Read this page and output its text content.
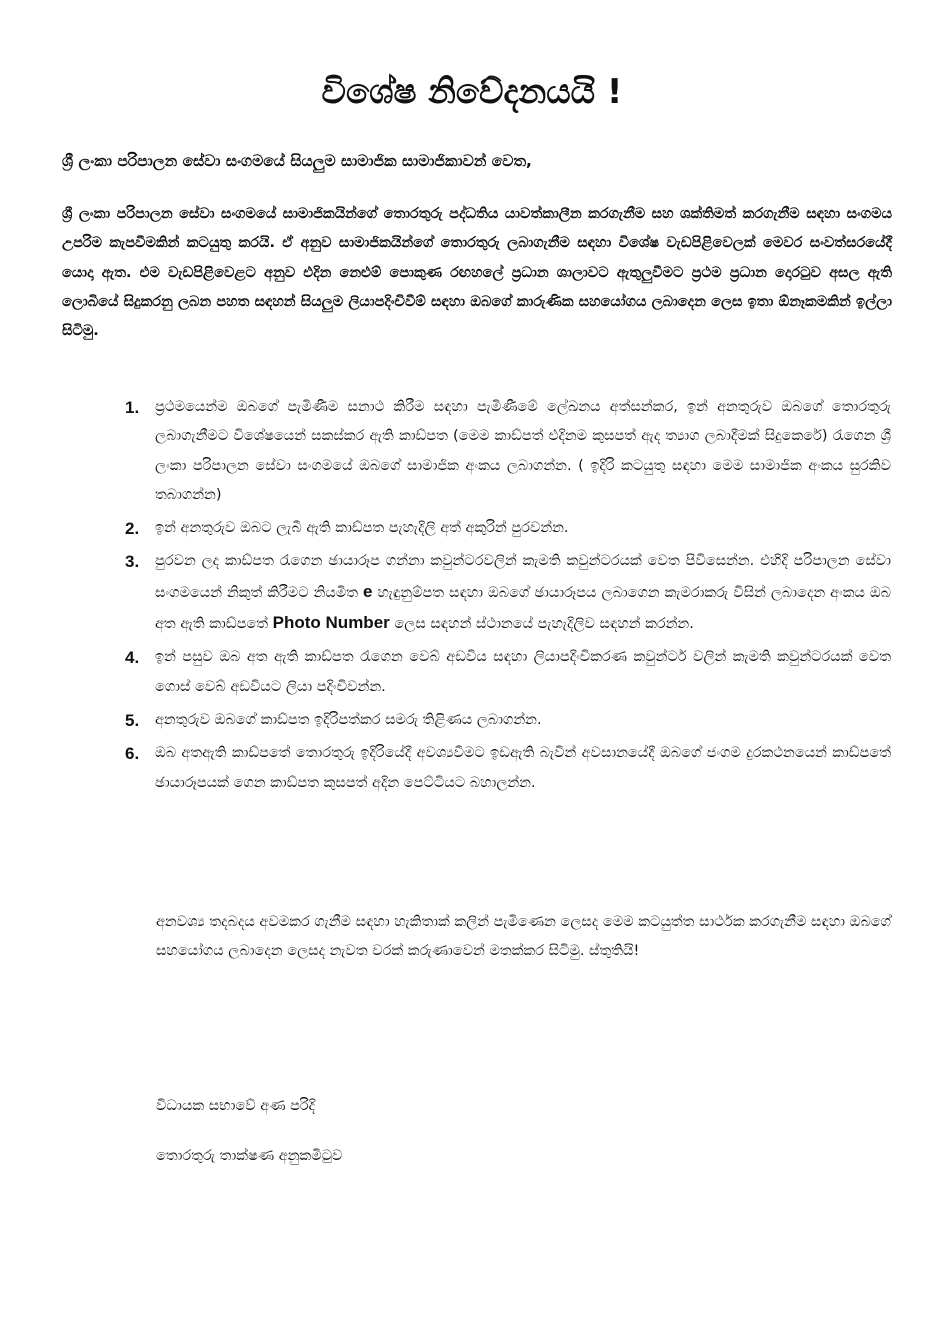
විශේෂ නිවේදනයයි !
ශ්‍රී ලංකා පරිපාලන සේවා සංගමයේ සියලුම සාමාජික සාමාජිකාවන් වෙත,
ශ්‍රී ලංකා පරිපාලන සේවා සංගමයේ සාමාජිකයින්ගේ තොරතුරු පද්ධතිය යාවත්කාලීන කරගැනීම සහ ශක්තිමත් කරගැනීම සඳහා සංගමය උපරිම කැපවීමකින් කටයුතු කරයි. ඒ අනුව සාමාජිකයින්ගේ තොරතුරු ලබාගැනීම සඳහා විශේෂ වැඩපිළිවෙලක් මෙවර සංවත්සරයේදී යොදා ඇත. එම වැඩපිළිවෙළට අනුව එදින නෙළුම් පොකුණ රඟහලේ ප්‍රධාන ශාලාවට ඇතුලුවීමට ප්‍රථම ප්‍රධාන දොරටුව අසල ඇති ලොබියේ සිදුකරනු ලබන පහත සඳහන් සියලුම ලියාපදිංචිවීම් සඳහා ඔබගේ කාරුණික සහයෝගය ලබාදෙන ලෙස ඉතා ඕනෑකමකින් ඉල්ලා සිටිමු.
1.	ප්‍රථමයෙන්ම ඔබගේ පැමිණීම සනාථ කිරීම සඳහා පැමිණීමේ ලේඛනය අත්සන්කර, ඉන් අනතුරුව ඔබගේ තොරතුරු ලබාගැනීමට විශේෂයෙන් සකස්කර ඇති කාඩ්පත (මෙම කාඩ්පත් එදිනම කුසපත් ඇද ත්‍යාග ලබාදීමක් සිදුකෙරේ) රැගෙන ශ්‍රී ලංකා පරිපාලන සේවා සංගමයේ ඔබගේ සාමාජික අංකය ලබාගන්න. ( ඉදිරි කටයුතු සඳහා මෙම සාමාජික අංකය සුරකිව තබාගන්න)
2.	ඉන් අනතුරුව ඔබට ලැබී ඇති කාඩ්පත පැහැදිලි අත් අකුරින් පුරවන්න.
3.	පුරවන ලද කාඩ්පත රැගෙන ඡායාරූප ගන්නා කවුන්ටරවලින් කැමති කවුන්ටරයක් වෙත පිවිසෙන්න. එහිදි පරිපාලන සේවා සංගමයෙන් නිකුත් කිරීමට නියමිත e හැඳුනුම්පත සඳහා ඔබගේ ඡායාරූපය ලබාගෙන කැමරාකරු විසින් ලබාදෙන අංකය ඔබ අත ඇති කාඩ්පතේ Photo Number ලෙස සඳහන් ස්ථානයේ පැහැදිලිව සඳහන් කරන්න.
4.	ඉන් පසුව ඔබ අත ඇති කාඩ්පත රැගෙන වෙබ් අඩවිය සඳහා ලියාපදිංචිකරණ කවුන්ටර් වලින් කැමති කවුන්ටරයක් වෙත ගොස් වෙබ් අඩවියට ලියා පදිංචිවන්න.
5.	අනතුරුව ඔබගේ කාඩ්පත ඉදිරිපත්කර සමරු තිළිණය ලබාගන්න.
6.	ඔබ අතඇති කාඩ්පතේ තොරතුරු ඉදිරියේදී අවශ්‍යවීමට ඉඩඇති බැවින් අවසානයේදී ඔබගේ ජංගම දුරකථනයෙන් කාඩ්පතේ ඡායාරූපයක් ගෙන කාඩ්පත කුසපත් අදින පෙට්ටියට බහාලන්න.
අනවශ්‍ය තදබදය අවමකර ගැනීම සඳහා හැකිතාක් කලින් පැමිණෙන ලෙසද මෙම කටයුත්ත සාර්ථක කරගැනීම සඳහා ඔබගේ සහයෝගය ලබාදෙන ලෙසද නැවත වරක් කරුණාවෙන් මතක්කර සිටිමු. ස්තුතියි!
විධායක සභාවේ අණ පරිදි
තොරතුරු තාක්ෂණ අනුකමිටුව
